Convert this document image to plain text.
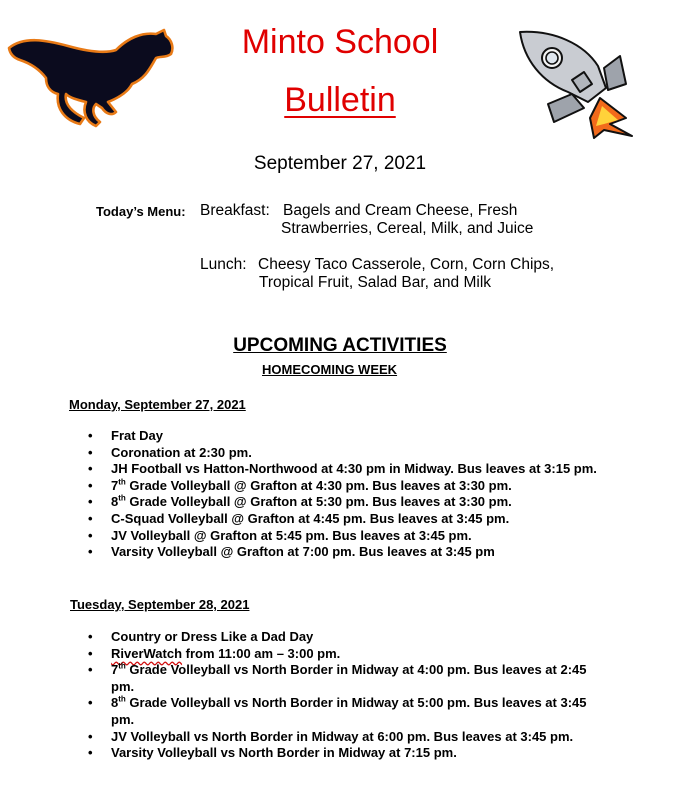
Minto School
Bulletin
September 27, 2021
Today’s Menu: Breakfast: Bagels and Cream Cheese, Fresh
Strawberries, Cereal, Milk, and Juice
Lunch: Cheesy Taco Casserole, Corn, Corn Chips,
Tropical Fruit, Salad Bar, and Milk
UPCOMING ACTIVITIES
HOMECOMING WEEK
Monday, September 27, 2021
• Frat Day
• Coronation at 2:30 pm.
• JH Football vs Hatton-Northwood at 4:30 pm in Midway. Bus leaves at 3:15 pm.
• 7th Grade Volleyball @ Grafton at 4:30 pm. Bus leaves at 3:30 pm.
• 8th Grade Volleyball @ Grafton at 5:30 pm. Bus leaves at 3:30 pm.
• C-Squad Volleyball @ Grafton at 4:45 pm. Bus leaves at 3:45 pm.
• JV Volleyball @ Grafton at 5:45 pm. Bus leaves at 3:45 pm.
• Varsity Volleyball @ Grafton at 7:00 pm. Bus leaves at 3:45 pm
Tuesday, September 28, 2021
• Country or Dress Like a Dad Day
• RiverWatch from 11:00 am – 3:00 pm.
• 7th Grade Volleyball vs North Border in Midway at 4:00 pm. Bus leaves at 2:45 pm.
• 8th Grade Volleyball vs North Border in Midway at 5:00 pm. Bus leaves at 3:45 pm.
• JV Volleyball vs North Border in Midway at 6:00 pm. Bus leaves at 3:45 pm.
• Varsity Volleyball vs North Border in Midway at 7:15 pm.
